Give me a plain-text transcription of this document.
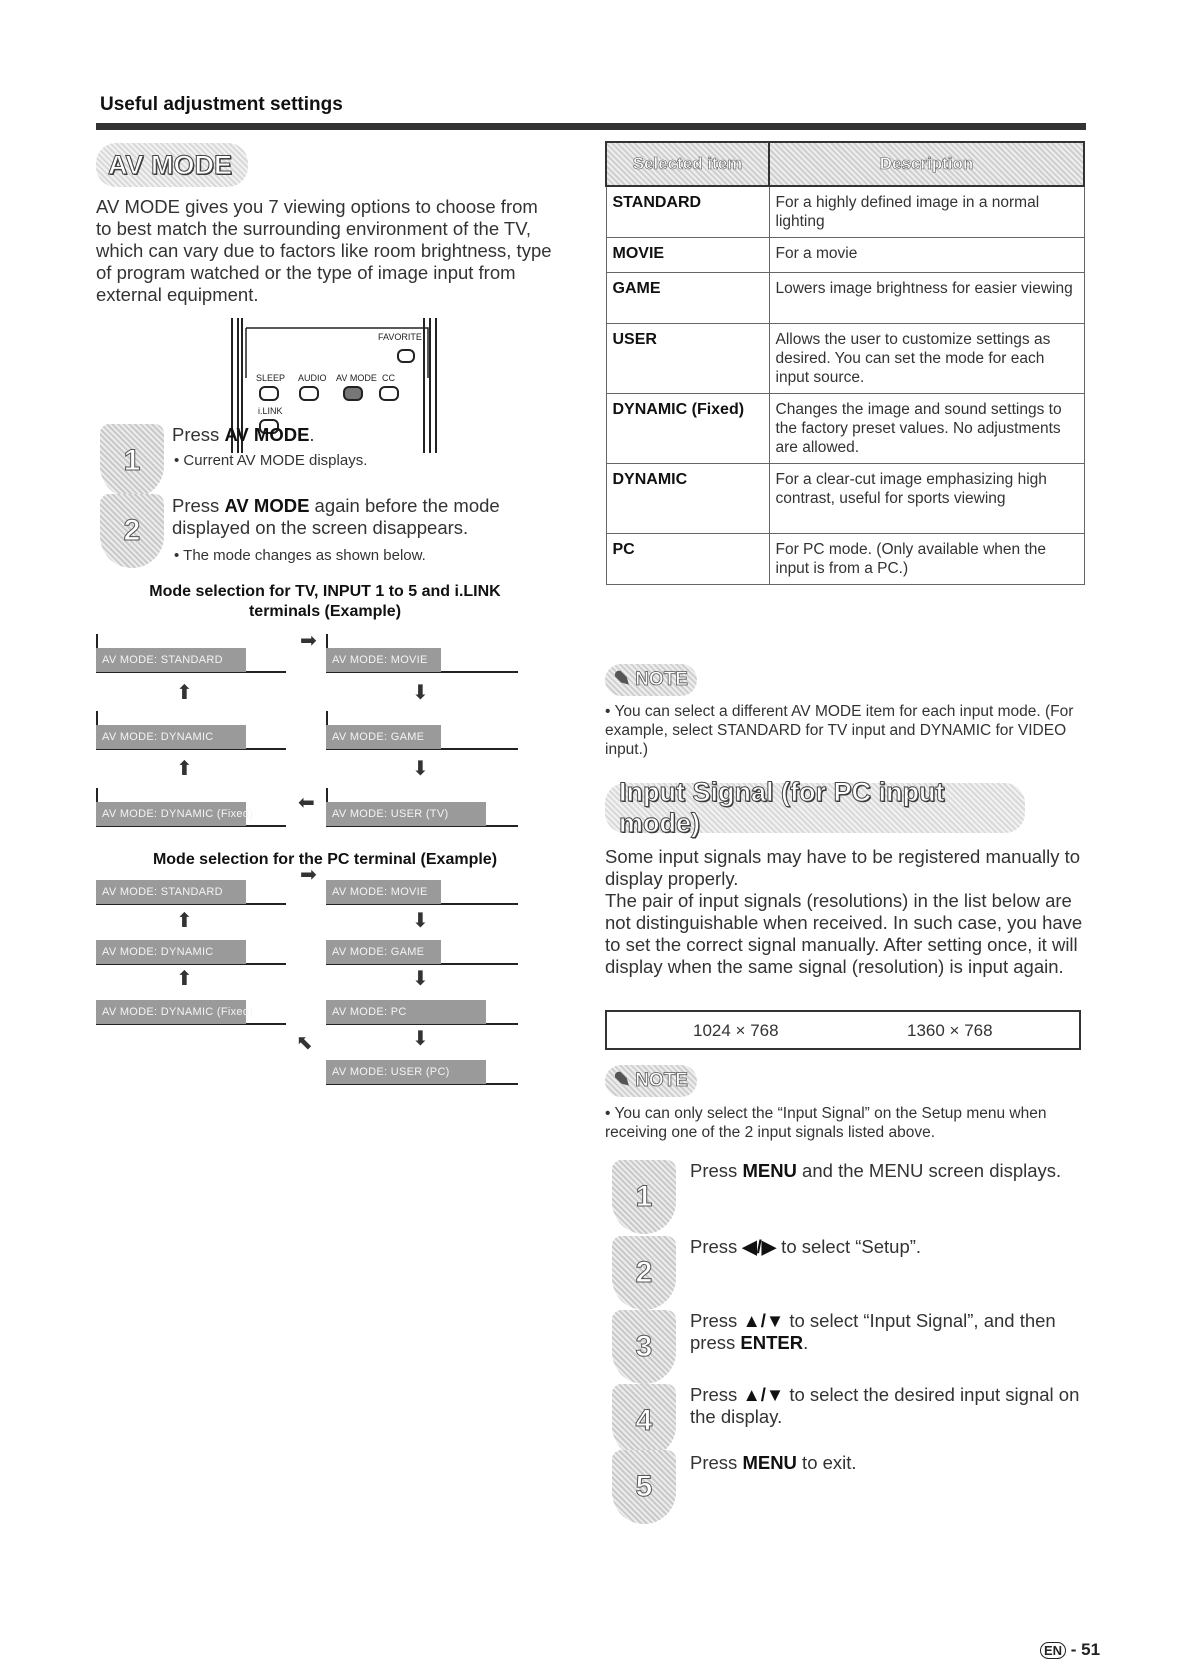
Useful adjustment settings
AV MODE
AV MODE gives you 7 viewing options to choose from to best match the surrounding environment of the TV, which can vary due to factors like room brightness, type of program watched or the type of image input from external equipment.
FAVORITE
SLEEP AUDIO AV MODE CC
i.LINK
1
Press AV MODE.
• Current AV MODE displays.
2
Press AV MODE again before the mode displayed on the screen disappears.
• The mode changes as shown below.
Mode selection for TV, INPUT 1 to 5 and i.LINK terminals (Example)
AV MODE: STANDARD	AV MODE: MOVIE
AV MODE: DYNAMIC	AV MODE: GAME
AV MODE: DYNAMIC (Fixed)	AV MODE: USER (TV)
➡
⬆	⬇
⬆	⬇
⬅
Mode selection for the PC terminal (Example)
AV MODE: STANDARD	AV MODE: MOVIE
AV MODE: DYNAMIC	AV MODE: GAME
AV MODE: DYNAMIC (Fixed)	AV MODE: PC
AV MODE: USER (PC)
➡
⬆	⬇
⬆	⬇
⬇
⬉
Selected item	Description
STANDARD	For a highly defined image in a normal lighting
MOVIE	For a movie
GAME	Lowers image brightness for easier viewing
USER	Allows the user to customize settings as desired. You can set the mode for each input source.
DYNAMIC (Fixed)	Changes the image and sound settings to the factory preset values. No adjustments are allowed.
DYNAMIC	For a clear-cut image emphasizing high contrast, useful for sports viewing
PC	For PC mode. (Only available when the input is from a PC.)
✎ NOTE
• You can select a different AV MODE item for each input mode. (For example, select STANDARD for TV input and DYNAMIC for VIDEO input.)
Input Signal (for PC input mode)
Some input signals may have to be registered manually to display properly.
The pair of input signals (resolutions) in the list below are not distinguishable when received. In such case, you have to set the correct signal manually. After setting once, it will display when the same signal (resolution) is input again.
1024 × 768	1360 × 768
✎ NOTE
• You can only select the “Input Signal” on the Setup menu when receiving one of the 2 input signals listed above.
1
Press MENU and the MENU screen displays.
2
Press ◀/▶ to select “Setup”.
3
Press ▲/▼ to select “Input Signal”, and then press ENTER.
4
Press ▲/▼ to select the desired input signal on the display.
5
Press MENU to exit.
EN - 51
